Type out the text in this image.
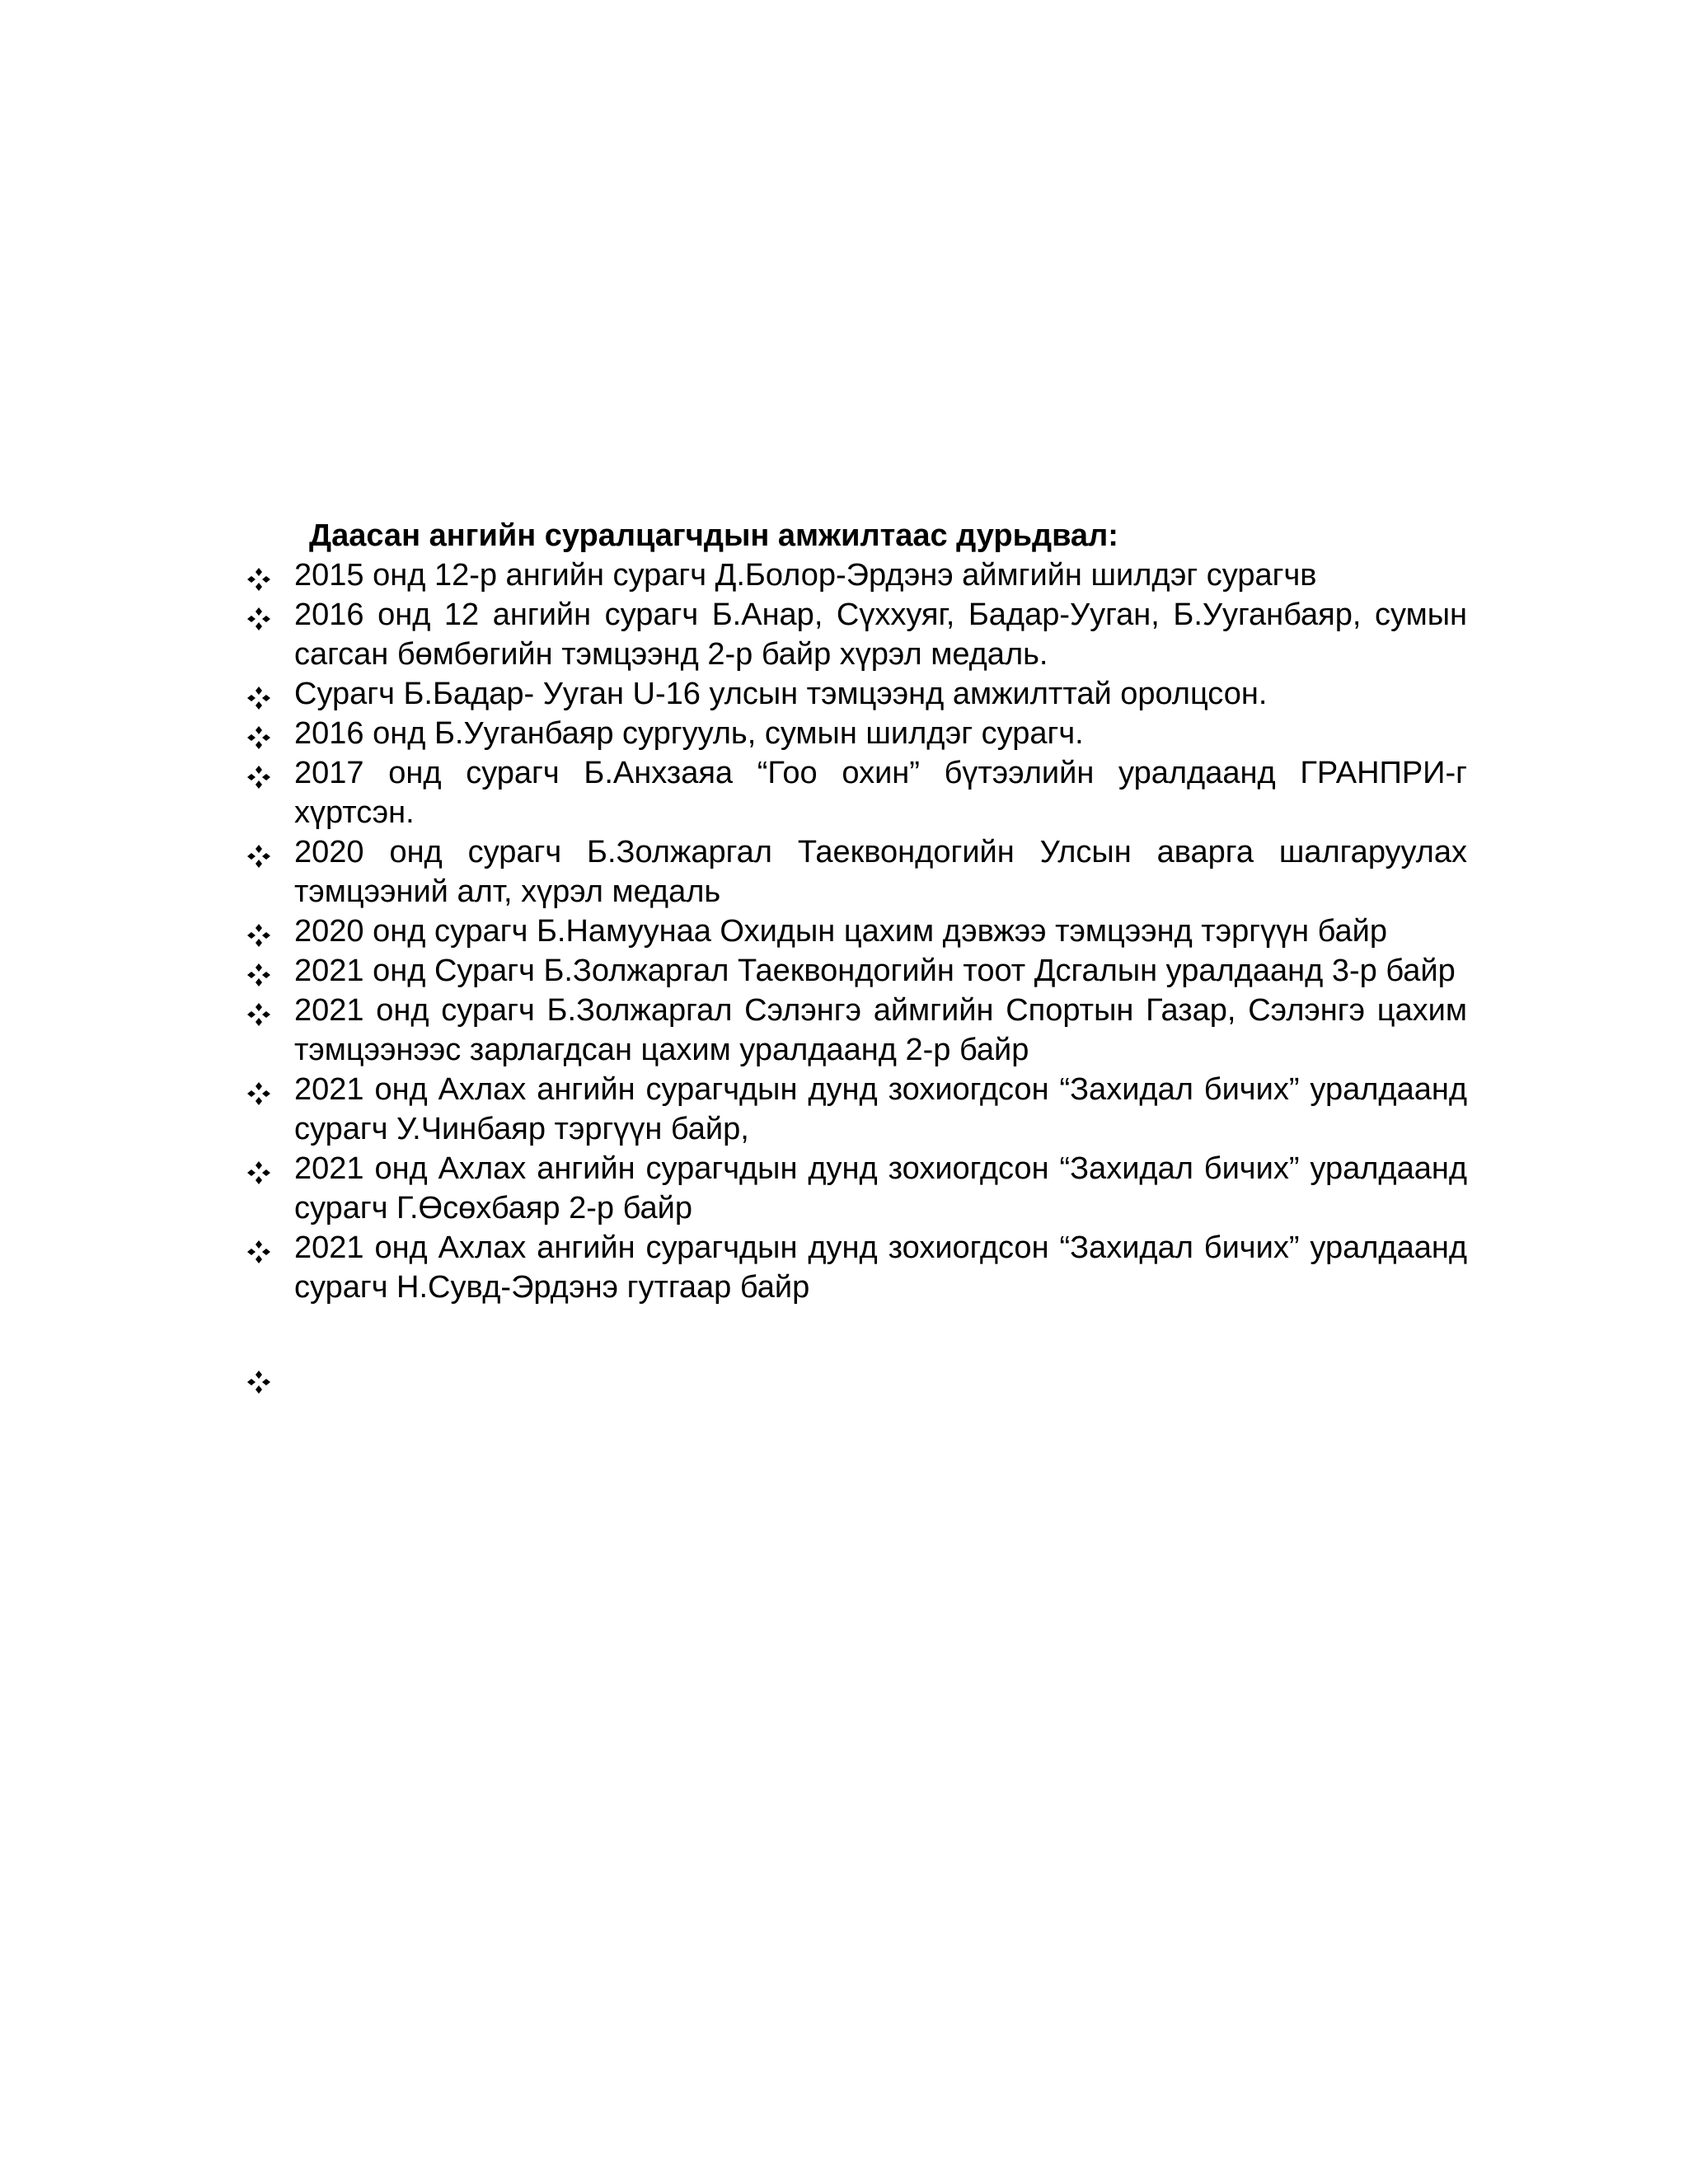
Даасан ангийн суралцагчдын амжилтаас дурьдвал:

2015 онд 12-р ангийн сурагч Д.Болор-Эрдэнэ аймгийн шилдэг сурагчв
2016 онд 12 ангийн сурагч Б.Анар, Сүххуяг, Бадар-Ууган, Б.Ууганбаяр, сумын сагсан бөмбөгийн тэмцээнд 2-р байр хүрэл медаль.
Сурагч Б.Бадар- Ууган U-16 улсын тэмцээнд амжилттай оролцсон.
2016 онд Б.Ууганбаяр сургууль, сумын шилдэг сурагч.
2017 онд сурагч Б.Анхзаяа “Гоо охин” бүтээлийн уралдаанд ГРАНПРИ-г хүртсэн.
2020 онд сурагч Б.Золжаргал Таеквондогийн Улсын аварга шалгаруулах тэмцээний алт, хүрэл медаль
2020 онд сурагч Б.Намуунаа Охидын цахим дэвжээ тэмцээнд тэргүүн байр
2021 онд Сурагч Б.Золжаргал Таеквондогийн тоот Дсгалын уралдаанд 3-р байр
2021 онд сурагч Б.Золжаргал Сэлэнгэ аймгийн Спортын Газар, Сэлэнгэ цахим тэмцээнээс зарлагдсан цахим уралдаанд 2-р байр
2021 онд Ахлах ангийн сурагчдын дунд зохиогдсон “Захидал бичих” уралдаанд сурагч У.Чинбаяр тэргүүн байр,
2021 онд Ахлах ангийн сурагчдын дунд зохиогдсон “Захидал бичих” уралдаанд сурагч Г.Өсөхбаяр 2-р байр
2021 онд Ахлах ангийн сурагчдын дунд зохиогдсон “Захидал бичих” уралдаанд сурагч Н.Сувд-Эрдэнэ гутгаар байр
